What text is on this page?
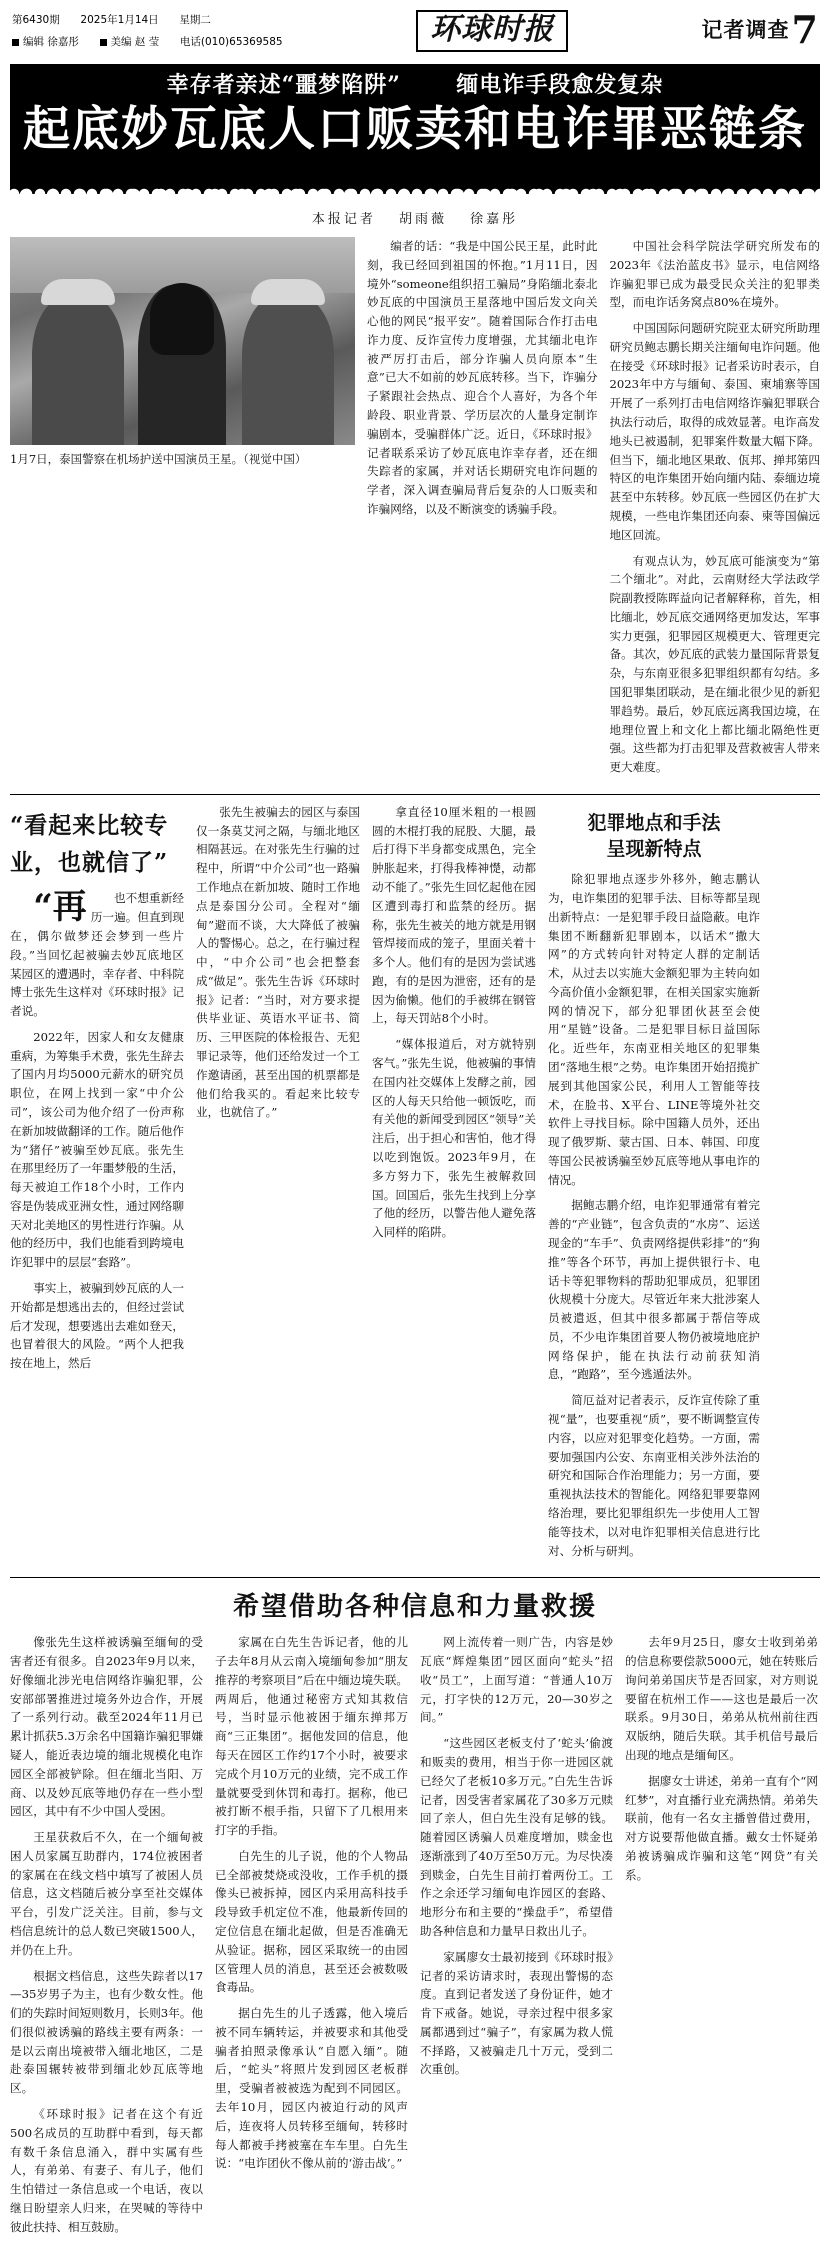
第6430期 2025年1月14日 星期二
编辑 徐嘉彤	美编 赵 莹 电话(010)65369585	环球时报	记者调查7
幸存者亲述“噩梦陷阱”	缅电诈手段愈发复杂
起底妙瓦底人口贩卖和电诈罪恶链条
本报记者 胡雨薇 徐嘉彤
1月7日，泰国警察在机场护送中国演员王星。（视觉中国）

编者的话：“我是中国公民王星，此时此刻，我已经回到祖国的怀抱。”1月11日，因境外“someone组织招工骗局”身陷缅北泰北妙瓦底的中国演员王星落地中国后发文向关心他的网民“报平安”。随着国际合作打击电诈力度、反诈宣传力度增强，尤其缅北电诈被严厉打击后，部分诈骗人员向原本“生意”已大不如前的妙瓦底转移。当下，诈骗分子紧跟社会热点、迎合个人喜好，为各个年龄段、职业背景、学历层次的人量身定制诈骗剧本，受骗群体广泛。近日，《环球时报》记者联系采访了妙瓦底电诈幸存者，还在细失踪者的家属，并对话长期研究电诈问题的学者，深入调查骗局背后复杂的人口贩卖和诈骗网络，以及不断演变的诱骗手段。

中国社会科学院法学研究所发布的2023年《法治蓝皮书》显示，电信网络诈骗犯罪已成为最受民众关注的犯罪类型，而电诈话务窝点80%在境外。

中国国际问题研究院亚太研究所助理研究员鲍志鹏长期关注缅甸电诈问题。他在接受《环球时报》记者采访时表示，自2023年中方与缅甸、泰国、柬埔寨等国开展了一系列打击电信网络诈骗犯罪联合执法行动后，取得的成效显著。电诈高发地头已被遏制，犯罪案件数量大幅下降。但当下，缅北地区果敢、佤邦、掸邦第四特区的电诈集团开始向缅内陆、泰缅边境甚至中东转移。妙瓦底一些园区仍在扩大规模，一些电诈集团还向泰、柬等国偏远地区回流。

有观点认为，妙瓦底可能演变为“第二个缅北”。对此，云南财经大学法政学院副教授陈晖益向记者解释称，首先，相比缅北，妙瓦底交通网络更加发达，军事实力更强，犯罪园区规模更大、管理更完备。其次，妙瓦底的武装力量国际背景复杂，与东南亚很多犯罪组织都有勾结。多国犯罪集团联动，是在缅北很少见的新犯罪趋势。最后，妙瓦底远离我国边境，在地理位置上和文化上都比缅北隔绝性更强。这些都为打击犯罪及营救被害人带来更大难度。

“看起来比较专业，也就信了”

“再 也不想重新经历一遍。但直到现在，偶尔做梦还会梦到一些片段。”当回忆起被骗去妙瓦底地区某园区的遭遇时，幸存者、中科院博士张先生这样对《环球时报》记者说。

2022年，因家人和女友健康重病，为筹集手术费，张先生辞去了国内月均5000元薪水的研究员职位，在网上找到一家“中介公司”，该公司为他介绍了一份声称在新加坡做翻译的工作。随后他作为“猪仔”被骗至妙瓦底。张先生在那里经历了一年噩梦般的生活，每天被迫工作18个小时，工作内容是伪装成亚洲女性，通过网络聊天对北美地区的男性进行诈骗。从他的经历中，我们也能看到跨境电诈犯罪中的层层“套路”。

事实上，被骗到妙瓦底的人一开始都是想逃出去的，但经过尝试后才发现，想要逃出去难如登天，也冒着很大的风险。“两个人把我按在地上，然后

张先生被骗去的园区与泰国仅一条莫艾河之隔，与缅北地区相隔甚远。在对张先生行骗的过程中，所谓“中介公司”也一路骗工作地点在新加坡、随时工作地点是泰国分公司。全程对“缅甸”避而不谈，大大降低了被骗人的警惕心。总之，在行骗过程中，“中介公司”也会把整套成“做足”。张先生告诉《环球时报》记者：“当时，对方要求提供毕业证、英语水平证书、简历、三甲医院的体检报告、无犯罪记录等，他们还给发过一个工作邀请函，甚至出国的机票都是他们给我买的。看起来比较专业，也就信了。”

拿直径10厘米粗的一根圆圆的木棍打我的屁股、大腿，最后打得下半身都变成黑色，完全肿胀起来，打得我棒神憷，动都动不能了。”张先生回忆起他在园区遭到毒打和监禁的经历。据称，张先生被关的地方就是用钢管焊接而成的笼子，里面关着十多个人。他们有的是因为尝试逃跑，有的是因为泄密，还有的是因为偷懒。他们的手被绑在钢管上，每天罚站8个小时。

“媒体报道后，对方就特别客气。”张先生说，他被骗的事情在国内社交媒体上发酵之前，园区的人每天只给他一顿饭吃，而有关他的新闻受到园区“领导”关注后，出于担心和害怕，他才得以吃到饱饭。2023年9月，在多方努力下，张先生被解救回国。回国后，张先生找到上分享了他的经历，以警告他人避免落入同样的陷阱。

犯罪地点和手法
呈现新特点

除犯罪地点逐步外移外，鲍志鹏认为，电诈集团的犯罪手法、目标等都呈现出新特点：一是犯罪手段日益隐蔽。电诈集团不断翻新犯罪剧本，以话术“撒大网”的方式转向针对特定人群的定制话术，从过去以实施大金额犯罪为主转向如今高价值小金额犯罪，在相关国家实施新网的情况下，部分犯罪团伙甚至会使用“星链”设备。二是犯罪目标日益国际化。近些年，东南亚相关地区的犯罪集团“落地生根”之势。电诈集团开始招揽扩展到其他国家公民，利用人工智能等技术，在脸书、X平台、LINE等境外社交软件上寻找目标。除中国籍人员外，还出现了俄罗斯、蒙古国、日本、韩国、印度等国公民被诱骗至妙瓦底等地从事电诈的情况。

据鲍志鹏介绍，电诈犯罪通常有着完善的“产业链”，包含负责的“水房”、运送现金的“车手”、负责网络提供彩排”的“狗推”等各个环节，再加上提供银行卡、电话卡等犯罪物料的帮助犯罪成员，犯罪团伙规模十分庞大。尽管近年来大批涉案人员被遣返，但其中很多都属于帮信等成员，不少电诈集团首要人物仍被境地庇护网络保护，能在执法行动前获知消息，“跑路”，至今逃遁法外。

简厄益对记者表示，反诈宣传除了重视“量”，也要重视“质”，要不断调整宣传内容，以应对犯罪变化趋势。一方面，需要加强国内公安、东南亚相关涉外法治的研究和国际合作治理能力；另一方面，要重视执法技术的智能化。网络犯罪要靠网络治理，要比犯罪组织先一步使用人工智能等技术，以对电诈犯罪相关信息进行比对、分析与研判。

希望借助各种信息和力量救援

像张先生这样被诱骗至缅甸的受害者还有很多。自2023年9月以来，好像缅北涉光电信网络诈骗犯罪，公安部部署推进过境务外边合作，开展了一系列行动。截至2024年11月已累计抓获5.3万余名中国籍诈骗犯罪嫌疑人，能近表边境的缅北规模化电诈园区全部被铲除。但在缅北当阳、万商、以及妙瓦底等地仍存在一些小型园区，其中有不少中国人受困。

王星获救后不久，在一个缅甸被困人员家属互助群内，174位被困者的家属在在线文档中填写了被困人员信息，这文档随后被分享至社交媒体平台，引发广泛关注。目前，参与文档信息统计的总人数已突破1500人，并仍在上升。

根据文档信息，这些失踪者以17—35岁男子为主，也有少数女性。他们的失踪时间短则数月，长则3年。他们很似被诱骗的路线主要有两条：一是以云南出境被带入缅北地区，二是赴泰国辗转被带到缅北妙瓦底等地区。

《环球时报》记者在这个有近500名成员的互助群中看到，每天都有数千条信息涌入，群中实属有些人，有弟弟、有妻子、有儿子，他们生怕错过一条信息或一个电话，夜以继日盼望亲人归来，在哭喊的等待中彼此扶持、相互鼓励。

家属在白先生告诉记者，他的儿子去年8月从云南入境缅甸参加“朋友推荐的考察项目”后在中缅边境失联。两周后，他通过秘密方式知其救信号，当时显示他被困于缅东掸邦万商“三正集团”。据他发回的信息，他每天在园区工作约17个小时，被要求完成个月10万元的业绩，完不成工作量就要受到休罚和毒打。据称，他已被打断不根手指，只留下了几根用来打字的手指。

白先生的儿子说，他的个人物品已全部被焚烧或没收，工作手机的摄像头已被拆掉，园区内采用高科技手段导致手机定位不准，他最新传回的定位信息在缅北起做，但是否准确无从验证。据称，园区采取统一的由园区管理人员的消息，甚至还会被数吸食毒品。

据白先生的儿子透露，他入境后被不同车辆转运，并被要求和其他受骗者拍照录像承认“自愿入缅”。随后，“蛇头”将照片发到园区老板群里，受骗者被被选为配到不同园区。去年10月，园区内被迫行动的风声后，连夜将人员转移至缅甸，转移时每人都被手拷被塞在车车里。白先生说：“电诈团伙不像从前的‘游击战’。”

网上流传着一则广告，内容是妙瓦底“辉煌集团”园区面向“蛇头”招收“员工”，上面写道：“普通人10万元，打字快的12万元，20—30岁之间。”

“这些园区老板支付了‘蛇头’偷渡和贩卖的费用，相当于你一进园区就已经欠了老板10多万元。”白先生告诉记者，因受害者家属花了30多万元赎回了亲人，但白先生没有足够的钱。随着园区诱骗人员难度增加，赎金也逐渐涨到了40万至50万元。为尽快凑到赎金，白先生目前打着两份工。工作之余还学习缅甸电诈园区的套路、地形分布和主要的“操盘手”，希望借助各种信息和力量早日救出儿子。

家属廖女士最初接到《环球时报》记者的采访请求时，表现出警惕的态度。直到记者发送了身份证件，她才肯下戒备。她说，寻亲过程中很多家属都遇到过“骗子”，有家属为救人慌不择路，又被骗走几十万元，受到二次重创。

去年9月25日，廖女士收到弟弟的信息称要偿款5000元，她在转账后询问弟弟国庆节是否回家，对方则说要留在杭州工作——这也是最后一次联系。9月30日，弟弟从杭州前往西双版纳，随后失联。其手机信号最后出现的地点是缅甸区。

据廖女士讲述，弟弟一直有个“网红梦”，对直播行业充满热情。弟弟失联前，他有一名女主播曾借过费用，对方说要帮他做直播。戴女士怀疑弟弟被诱骗成诈骗和这笔“网贷”有关系。
